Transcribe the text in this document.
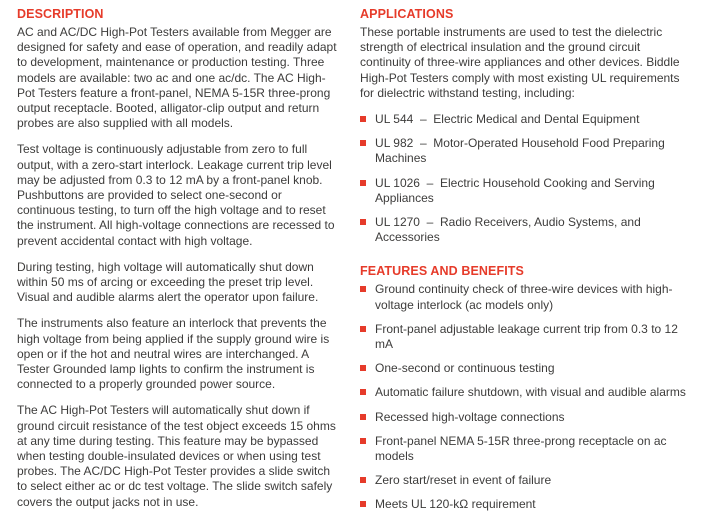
DESCRIPTION

AC and AC/DC High-Pot Testers available from Megger are designed for safety and ease of operation, and readily adapt to development, maintenance or production testing. Three models are available: two ac and one ac/dc. The AC High-Pot Testers feature a front-panel, NEMA 5-15R three-prong output receptacle. Booted, alligator-clip output and return probes are also supplied with all models.

Test voltage is continuously adjustable from zero to full output, with a zero-start interlock. Leakage current trip level may be adjusted from 0.3 to 12 mA by a front-panel knob. Pushbuttons are provided to select one-second or continuous testing, to turn off the high voltage and to reset the instrument. All high-voltage connections are recessed to prevent accidental contact with high voltage.

During testing, high voltage will automatically shut down within 50 ms of arcing or exceeding the preset trip level. Visual and audible alarms alert the operator upon failure.

The instruments also feature an interlock that prevents the high voltage from being applied if the supply ground wire is open or if the hot and neutral wires are interchanged. A Tester Grounded lamp lights to confirm the instrument is connected to a properly grounded power source.

The AC High-Pot Testers will automatically shut down if ground circuit resistance of the test object exceeds 15 ohms at any time during testing. This feature may be bypassed when testing double-insulated devices or when using test probes. The AC/DC High-Pot Tester provides a slide switch to select either ac or dc test voltage. The slide switch safely covers the output jacks not in use.

APPLICATIONS

These portable instruments are used to test the dielectric strength of electrical insulation and the ground circuit continuity of three-wire appliances and other devices. Biddle High-Pot Testers comply with most existing UL requirements for dielectric withstand testing, including:

UL 544  –  Electric Medical and Dental Equipment
UL 982  –  Motor-Operated Household Food Preparing Machines
UL 1026  –  Electric Household Cooking and Serving Appliances
UL 1270  –  Radio Receivers, Audio Systems, and Accessories
FEATURES AND BENEFITS
Ground continuity check of three-wire devices with high-voltage interlock (ac models only)
Front-panel adjustable leakage current trip from 0.3 to 12 mA
One-second or continuous testing
Automatic failure shutdown, with visual and audible alarms
Recessed high-voltage connections
Front-panel NEMA 5-15R three-prong receptacle on ac models
Zero start/reset in event of failure
Meets UL 120-kΩ requirement
